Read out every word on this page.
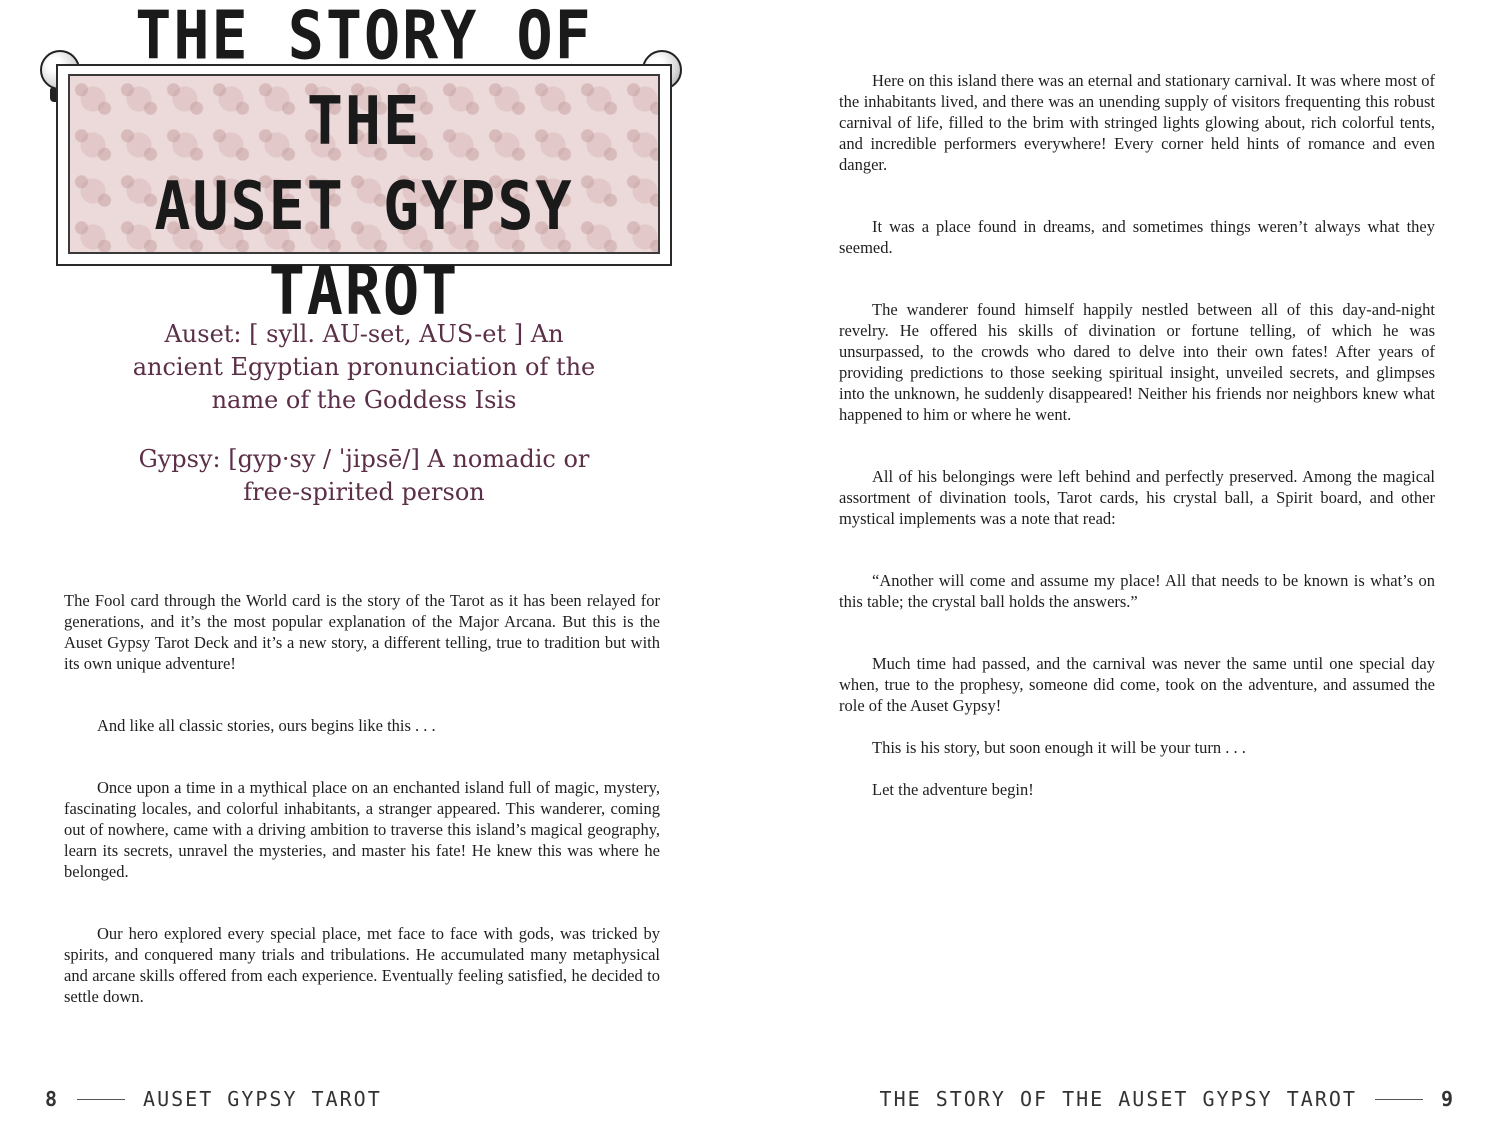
THE STORY OF THE
AUSET GYPSY TAROT

Auset: [ syll. AU-set, AUS-et ] An ancient Egyptian pronunciation of the name of the Goddess Isis

Gypsy: [gyp·sy / ˈjipsē/] A nomadic or free-spirited person

The Fool card through the World card is the story of the Tarot as it has been relayed for generations, and it’s the most popular explanation of the Major Arcana. But this is the Auset Gypsy Tarot Deck and it’s a new story, a different telling, true to tradition but with its own unique adventure!

And like all classic stories, ours begins like this . . .

Once upon a time in a mythical place on an enchanted island full of magic, mystery, fascinating locales, and colorful inhabitants, a stranger appeared. This wanderer, coming out of nowhere, came with a driving ambition to traverse this island’s magical geography, learn its secrets, unravel the mysteries, and master his fate! He knew this was where he belonged.

Our hero explored every special place, met face to face with gods, was tricked by spirits, and conquered many trials and tribulations. He accumulated many metaphysical and arcane skills offered from each experience. Eventually feeling satisfied, he decided to settle down.

8	AUSET GYPSY TAROT

Here on this island there was an eternal and stationary carnival. It was where most of the inhabitants lived, and there was an unending supply of visitors frequenting this robust carnival of life, filled to the brim with stringed lights glowing about, rich colorful tents, and incredible performers everywhere! Every corner held hints of romance and even danger.

It was a place found in dreams, and sometimes things weren’t always what they seemed.

The wanderer found himself happily nestled between all of this day-and-night revelry. He offered his skills of divination or fortune telling, of which he was unsurpassed, to the crowds who dared to delve into their own fates! After years of providing predictions to those seeking spiritual insight, unveiled secrets, and glimpses into the unknown, he suddenly disappeared! Neither his friends nor neighbors knew what happened to him or where he went.

All of his belongings were left behind and perfectly preserved. Among the magical assortment of divination tools, Tarot cards, his crystal ball, a Spirit board, and other mystical implements was a note that read:

“Another will come and assume my place! All that needs to be known is what’s on this table; the crystal ball holds the answers.”

Much time had passed, and the carnival was never the same until one special day when, true to the prophesy, someone did come, took on the adventure, and assumed the role of the Auset Gypsy!

This is his story, but soon enough it will be your turn . . .

Let the adventure begin!

THE STORY OF THE AUSET GYPSY TAROT	9
